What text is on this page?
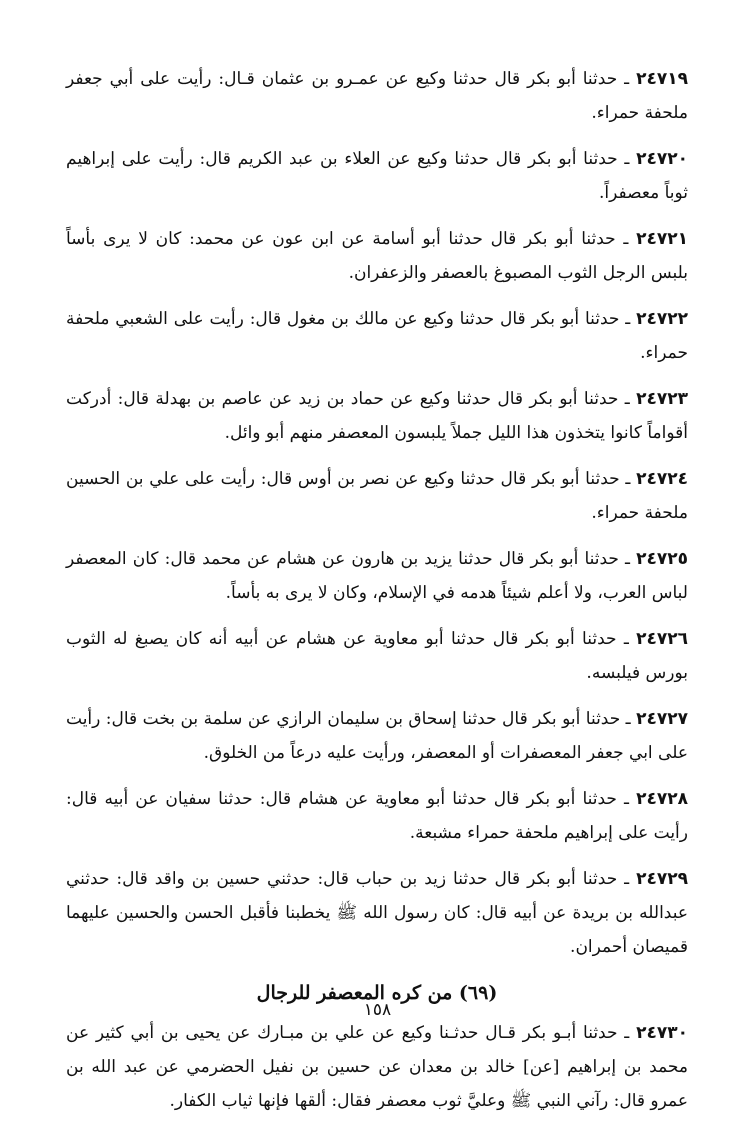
٢٤٧١٩ ـ حدثنا أبو بكر قال حدثنا وكيع عن عمـرو بن عثمان قـال: رأيت على أبي جعفر ملحفة حمراء.
٢٤٧٢٠ ـ حدثنا أبو بكر قال حدثنا وكيع عن العلاء بن عبد الكريم قال: رأيت على إبراهيم ثوباً معصفراً.
٢٤٧٢١ ـ حدثنا أبو بكر قال حدثنا أبو أسامة عن ابن عون عن محمد: كان لا يرى بأساً بلبس الرجل الثوب المصبوغ بالعصفر والزعفران.
٢٤٧٢٢ ـ حدثنا أبو بكر قال حدثنا وكيع عن مالك بن مغول قال: رأيت على الشعبي ملحفة حمراء.
٢٤٧٢٣ ـ حدثنا أبو بكر قال حدثنا وكيع عن حماد بن زيد عن عاصم بن بهدلة قال: أدركت أقواماً كانوا يتخذون هذا الليل جملاً يلبسون المعصفر منهم أبو وائل.
٢٤٧٢٤ ـ حدثنا أبو بكر قال حدثنا وكيع عن نصر بن أوس قال: رأيت على علي بن الحسين ملحفة حمراء.
٢٤٧٢٥ ـ حدثنا أبو بكر قال حدثنا يزيد بن هارون عن هشام عن محمد قال: كان المعصفر لباس العرب، ولا أعلم شيئاً هدمه في الإسلام، وكان لا يرى به بأساً.
٢٤٧٢٦ ـ حدثنا أبو بكر قال حدثنا أبو معاوية عن هشام عن أبيه أنه كان يصبغ له الثوب بورس فيلبسه.
٢٤٧٢٧ ـ حدثنا أبو بكر قال حدثنا إسحاق بن سليمان الرازي عن سلمة بن بخت قال: رأيت على ابي جعفر المعصفرات أو المعصفر، ورأيت عليه درعاً من الخلوق.
٢٤٧٢٨ ـ حدثنا أبو بكر قال حدثنا أبو معاوية عن هشام قال: حدثنا سفيان عن أبيه قال: رأيت على إبراهيم ملحفة حمراء مشبعة.
٢٤٧٢٩ ـ حدثنا أبو بكر قال حدثنا زيد بن حباب قال: حدثني حسين بن واقد قال: حدثني عبدالله بن بريدة عن أبيه قال: كان رسول الله ﷺ يخطبنا فأقبل الحسن والحسين عليهما قميصان أحمران.
(٦٩) من كره المعصفر للرجال
٢٤٧٣٠ ـ حدثنا أبـو بكر قـال حدثـنا وكيع عن علي بن مبـارك عن يحيى بن أبي كثير عن محمد بن إبراهيم [عن] خالد بن معدان عن حسين بن نفيل الحضرمي عن عبد الله بن عمرو قال: رآني النبي ﷺ وعليَّ ثوب معصفر فقال: ألقها فإنها ثياب الكفار.
١٥٨
